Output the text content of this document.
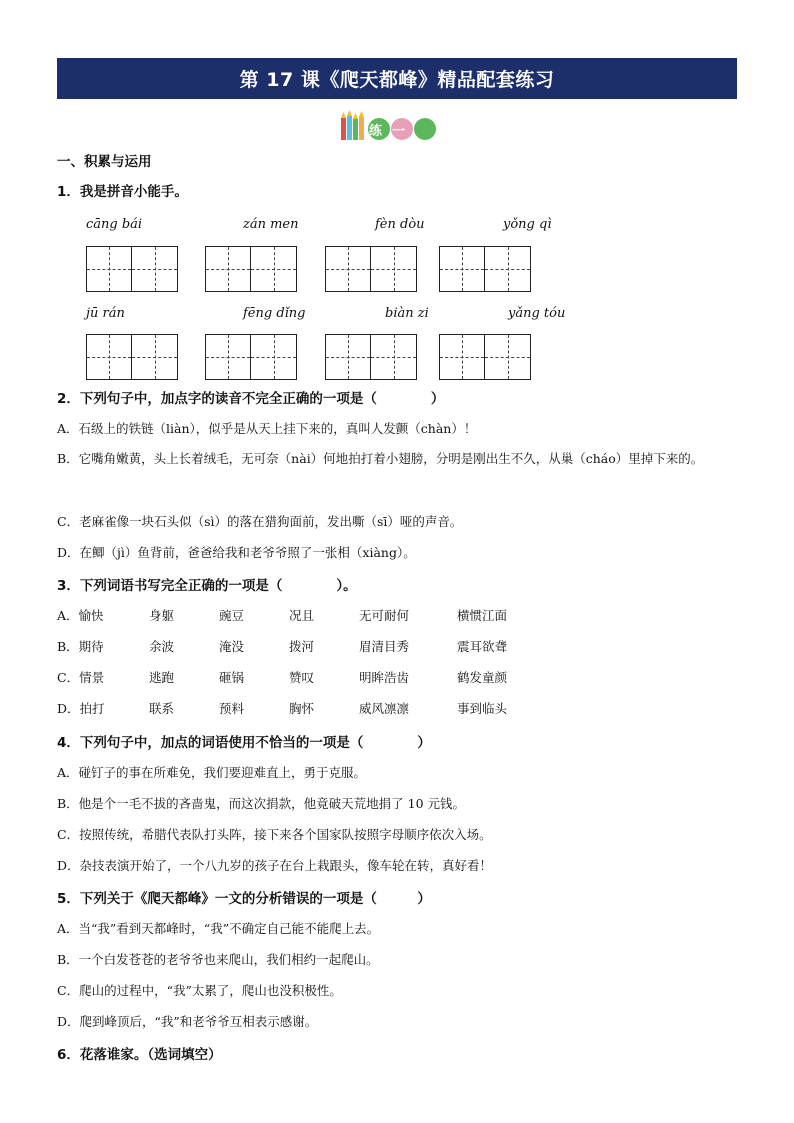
第 17 课《爬天都峰》精品配套练习
练一练
一、积累与运用
1．我是拼音小能手。
cāng bái	zán men	fèn dòu	yǒng qì
jū rán	fēng dǐng	biàn zi	yǎng tóu
2．下列句子中，加点字的读音不完全正确的一项是（　　　　）
A．石级上的铁链（liàn），似乎是从天上挂下来的，真叫人发颤（chàn）！
B．它嘴角嫩黄，头上长着绒毛，无可奈（nài）何地拍打着小翅膀，分明是刚出生不久，从巢（cháo）里掉下来的。
C．老麻雀像一块石头似（sì）的落在猎狗面前，发出嘶（sī）哑的声音。
D．在鲫（jì）鱼背前，爸爸给我和老爷爷照了一张相（xiàng）。
3．下列词语书写完全正确的一项是（　　　　）。
A．愉快	身躯	豌豆	况且	无可耐何	横惯江面
B．期待	余波	淹没	拨河	眉清目秀	震耳欲聋
C．情景	逃跑	砸锅	赞叹	明眸浩齿	鹤发童颜
D．拍打	联系	预料	胸怀	威风凛凛	事到临头
4．下列句子中，加点的词语使用不恰当的一项是（　　　　）
A．碰钉子的事在所难免，我们要迎难直上，勇于克服。
B．他是个一毛不拔的吝啬鬼，而这次捐款，他竟破天荒地捐了 10 元钱。
C．按照传统，希腊代表队打头阵，接下来各个国家队按照字母顺序依次入场。
D．杂技表演开始了，一个八九岁的孩子在台上栽跟头，像车轮在转，真好看！
5．下列关于《爬天都峰》一文的分析错误的一项是（　　　）
A．当“我”看到天都峰时，“我”不确定自己能不能爬上去。
B．一个白发苍苍的老爷爷也来爬山，我们相约一起爬山。
C．爬山的过程中，“我”太累了，爬山也没积极性。
D．爬到峰顶后，“我”和老爷爷互相表示感谢。
6．花落谁家。（选词填空）
